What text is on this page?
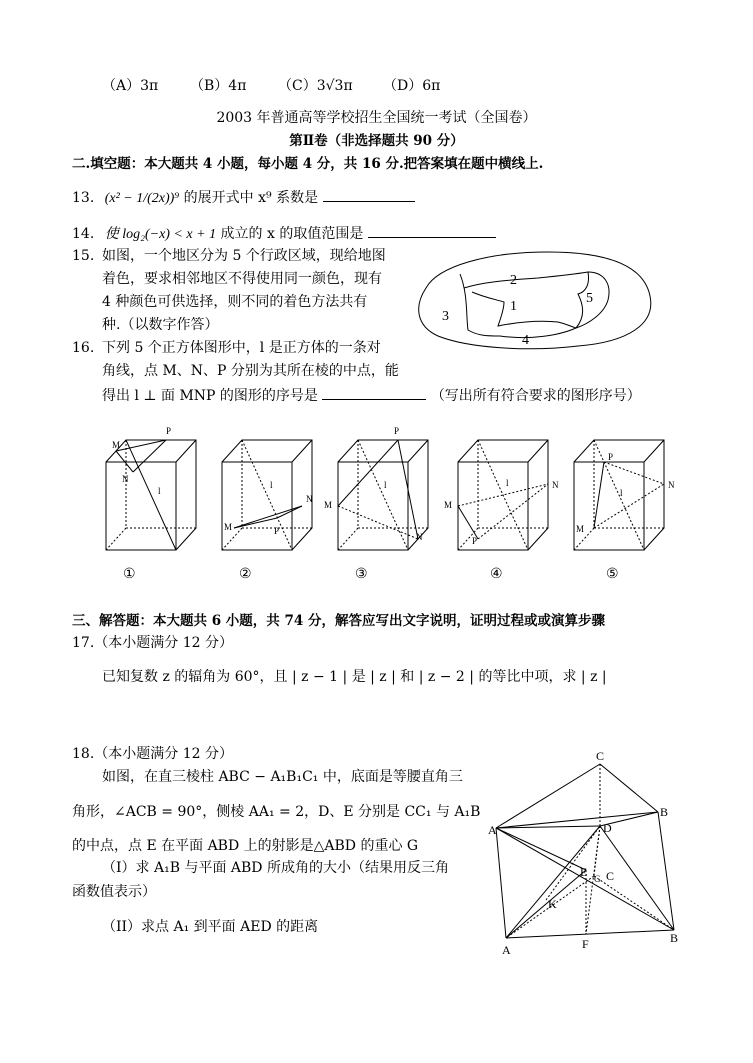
（A）3π （B）4π （C）3√3π （D）6π
2003 年普通高等学校招生全国统一考试（全国卷）
第Ⅱ卷（非选择题共 90 分）
二.填空题：本大题共 4 小题，每小题 4 分，共 16 分.把答案填在题中横线上.
13. (x² − 1/(2x))⁹ 的展开式中 x⁹ 系数是
14. 使 log₂(−x) < x + 1 成立的 x 的取值范围是
15. 如图，一个地区分为 5 个行政区域，现给地图
着色，要求相邻地区不得使用同一颜色，现有
4 种颜色可供选择，则不同的着色方法共有
种.（以数字作答）
2
1
3
5
4
16. 下列 5 个正方体图形中，l 是正方体的一条对
角线，点 M、N、P 分别为其所在棱的中点，能
得出 l ⊥ 面 MNP 的图形的序号是	（写出所有符合要求的图形序号）
M
P
N
l
①
M
N
P
l
②
M
P
N
l
③
M
N
P
l
④
P
N
M
l
⑤
三、解答题：本大题共 6 小题，共 74 分，解答应写出文字说明，证明过程或或演算步骤
17.（本小题满分 12 分）
已知复数 z 的辐角为 60°，且 | z − 1 | 是 | z | 和 | z − 2 | 的等比中项，求 | z |
18.（本小题满分 12 分）
如图，在直三棱柱 ABC − A₁B₁C₁ 中，底面是等腰直角三
角形，∠ACB = 90°，侧棱 AA₁ = 2，D、E 分别是 CC₁ 与 A₁B
的中点，点 E 在平面 ABD 上的射影是△ABD 的重心 G
（I）求 A₁B 与平面 ABD 所成角的大小（结果用反三角
函数值表示）
（II）求点 A₁ 到平面 AED 的距离
C
B
A	D
E G C
K
F	B
A
